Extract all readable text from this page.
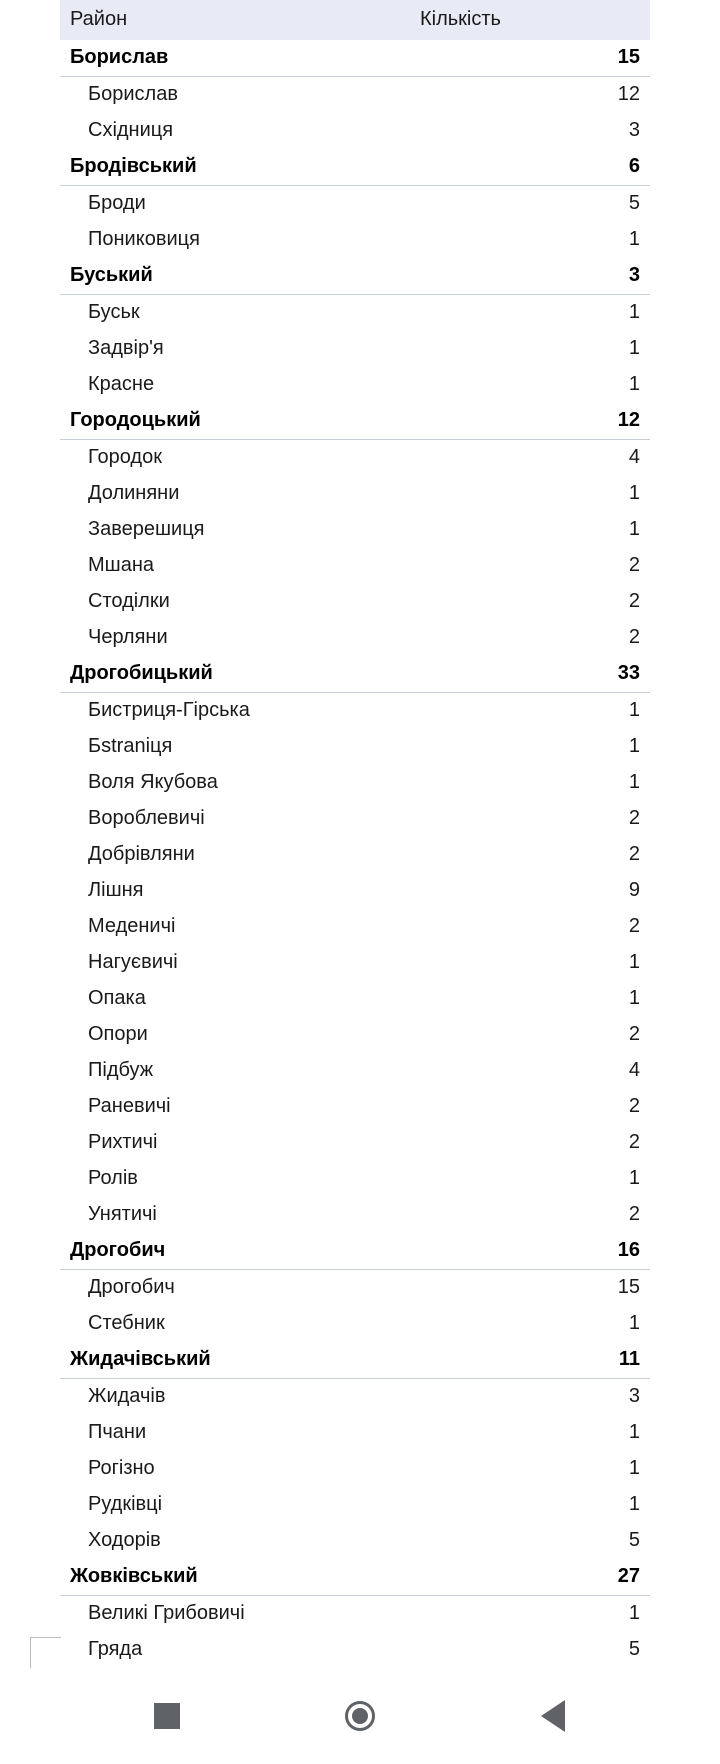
Район	Кількість
Борислав	15
Борислав	12
Східниця	3
Бродівський	6
Броди	5
Пониковиця	1
Буський	3
Буськ	1
Задвір'я	1
Красне	1
Городоцький	12
Городок	4
Долиняни	1
Заверешиця	1
Мшана	2
Стоділки	2
Черляни	2
Дрогобицький	33
Бистриця-Гірська	1
Бstraniця	1
Воля Якубова	1
Вороблевичі	2
Добрівляни	2
Лішня	9
Меденичі	2
Нагуєвичі	1
Опака	1
Опори	2
Підбуж	4
Раневичі	2
Рихтичі	2
Ролів	1
Унятичі	2
Дрогобич	16
Дрогобич	15
Стебник	1
Жидачівський	11
Жидачів	3
Пчани	1
Рогізно	1
Рудківці	1
Ходорів	5
Жовківський	27
Великі Грибовичі	1
Гряда	5
